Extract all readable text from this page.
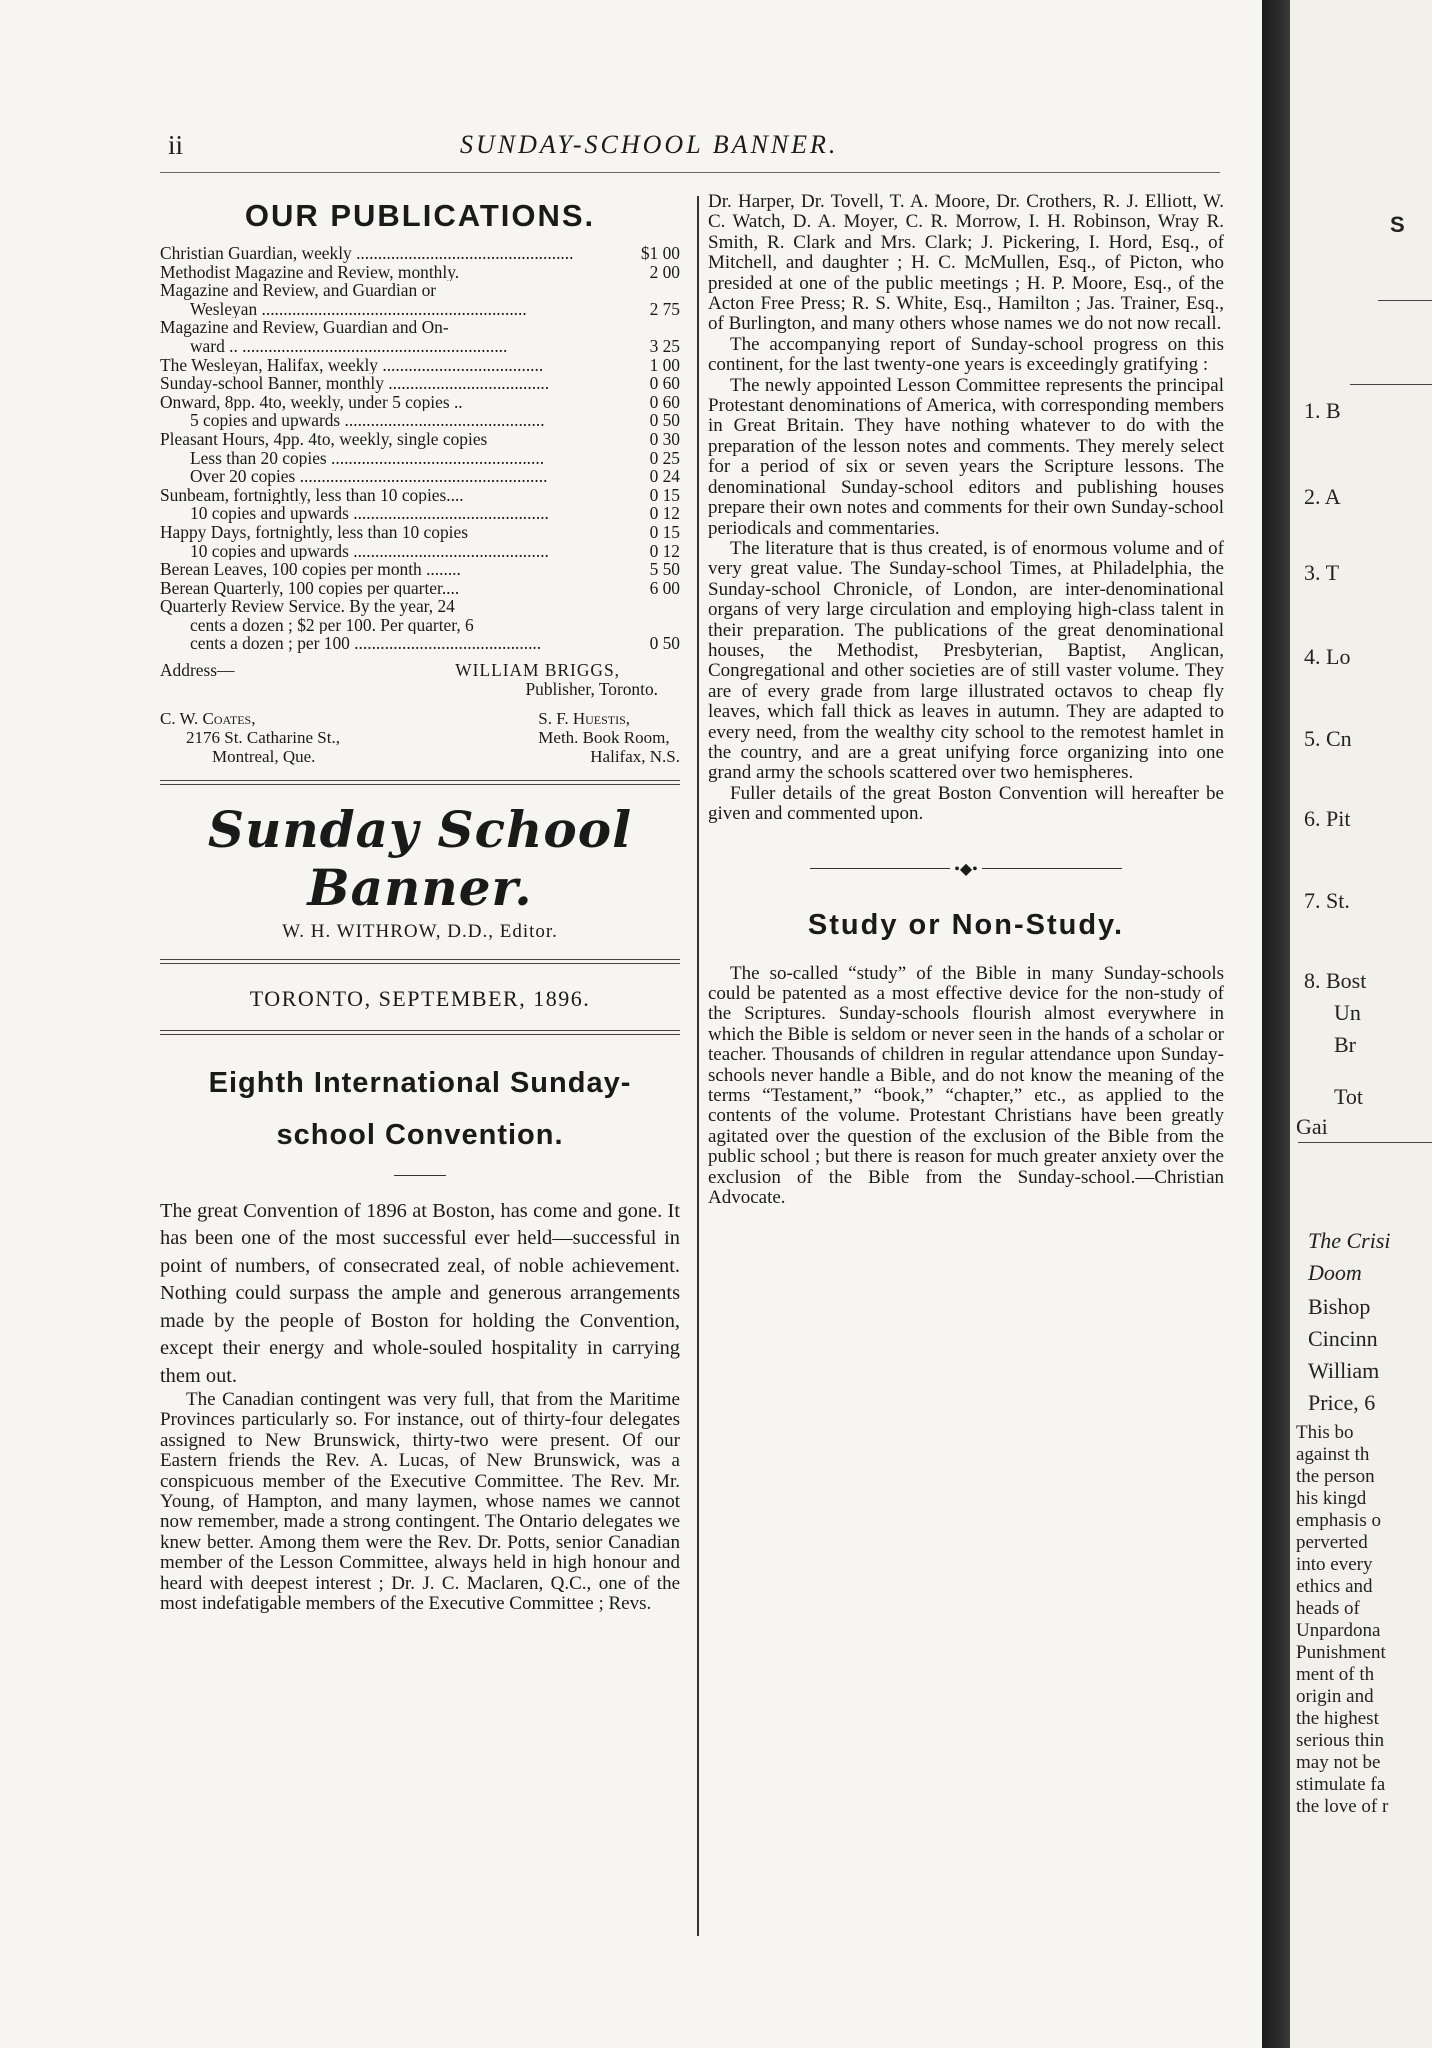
ii	SUNDAY-SCHOOL BANNER.
OUR PUBLICATIONS.
Christian Guardian, weekly ..................................................	$1 00
Methodist Magazine and Review, monthly.	2 00
Magazine and Review, and Guardian or
Wesleyan .............................................................	2 75
Magazine and Review, Guardian and On-
ward .. .............................................................	3 25
The Wesleyan, Halifax, weekly .....................................	1 00
Sunday-school Banner, monthly .....................................	0 60
Onward, 8pp. 4to, weekly, under 5 copies ..	0 60
5 copies and upwards ..............................................	0 50
Pleasant Hours, 4pp. 4to, weekly, single copies	0 30
Less than 20 copies .................................................	0 25
Over 20 copies .........................................................	0 24
Sunbeam, fortnightly, less than 10 copies....	0 15
10 copies and upwards .............................................	0 12
Happy Days, fortnightly, less than 10 copies	0 15
10 copies and upwards .............................................	0 12
Berean Leaves, 100 copies per month ........	5 50
Berean Quarterly, 100 copies per quarter....	6 00
Quarterly Review Service. By the year, 24
cents a dozen ; $2 per 100. Per quarter, 6
cents a dozen ; per 100 ...........................................	0 50
Address—	WILLIAM BRIGGS,
Publisher, Toronto.
C. W. Coates,
2176 St. Catharine St.,
Montreal, Que.
S. F. Huestis,
Meth. Book Room,
Halifax, N.S.
Sunday School Banner.
W. H. WITHROW, D.D., Editor.
TORONTO, SEPTEMBER, 1896.
Eighth International Sunday-
school Convention.

The great Convention of 1896 at Boston, has come and gone. It has been one of the most successful ever held—successful in point of numbers, of consecrated zeal, of noble achievement. Nothing could surpass the ample and generous arrangements made by the people of Boston for holding the Convention, except their energy and whole-souled hospitality in carrying them out.

The Canadian contingent was very full, that from the Maritime Provinces particularly so. For instance, out of thirty-four delegates assigned to New Brunswick, thirty-two were present. Of our Eastern friends the Rev. A. Lucas, of New Brunswick, was a conspicuous member of the Executive Committee. The Rev. Mr. Young, of Hampton, and many laymen, whose names we cannot now remember, made a strong contingent. The Ontario delegates we knew better. Among them were the Rev. Dr. Potts, senior Canadian member of the Lesson Committee, always held in high honour and heard with deepest interest ; Dr. J. C. Maclaren, Q.C., one of the most indefatigable members of the Executive Committee ; Revs.

Dr. Harper, Dr. Tovell, T. A. Moore, Dr. Crothers, R. J. Elliott, W. C. Watch, D. A. Moyer, C. R. Morrow, I. H. Robinson, Wray R. Smith, R. Clark and Mrs. Clark; J. Pickering, I. Hord, Esq., of Mitchell, and daughter ; H. C. McMullen, Esq., of Picton, who presided at one of the public meetings ; H. P. Moore, Esq., of the Acton Free Press; R. S. White, Esq., Hamilton ; Jas. Trainer, Esq., of Burlington, and many others whose names we do not now recall.

The accompanying report of Sunday-school progress on this continent, for the last twenty-one years is exceedingly gratifying :

The newly appointed Lesson Committee represents the principal Protestant denominations of America, with corresponding members in Great Britain. They have nothing whatever to do with the preparation of the lesson notes and comments. They merely select for a period of six or seven years the Scripture lessons. The denominational Sunday-school editors and publishing houses prepare their own notes and comments for their own Sunday-school periodicals and commentaries.

The literature that is thus created, is of enormous volume and of very great value. The Sunday-school Times, at Philadelphia, the Sunday-school Chronicle, of London, are inter-denominational organs of very large circulation and employing high-class talent in their preparation. The publications of the great denominational houses, the Methodist, Presbyterian, Baptist, Anglican, Congregational and other societies are of still vaster volume. They are of every grade from large illustrated octavos to cheap fly leaves, which fall thick as leaves in autumn. They are adapted to every need, from the wealthy city school to the remotest hamlet in the country, and are a great unifying force organizing into one grand army the schools scattered over two hemispheres.

Fuller details of the great Boston Convention will hereafter be given and commented upon.

•◆•
Study or Non-Study.

The so-called “study” of the Bible in many Sunday-schools could be patented as a most effective device for the non-study of the Scriptures. Sunday-schools flourish almost everywhere in which the Bible is seldom or never seen in the hands of a scholar or teacher. Thousands of children in regular attendance upon Sunday-schools never handle a Bible, and do not know the meaning of the terms “Testament,” “book,” “chapter,” etc., as applied to the contents of the volume. Protestant Christians have been greatly agitated over the question of the exclusion of the Bible from the public school ; but there is reason for much greater anxiety over the exclusion of the Bible from the Sunday-school.—Christian Advocate.

S
1. B
2. A
3. T
4. Lo
5. Cn
6. Pit
7. St.
8. Bost
Un
Br
Tot
Gai
The Crisi
Doom
Bishop
Cincinn
William
Price, 6
This bo
against th
the person
his kingd
emphasis o
perverted
into every
ethics and
heads of
Unpardona
Punishment
ment of th
origin and
the highest
serious thin
may not be
stimulate fa
the love of r
